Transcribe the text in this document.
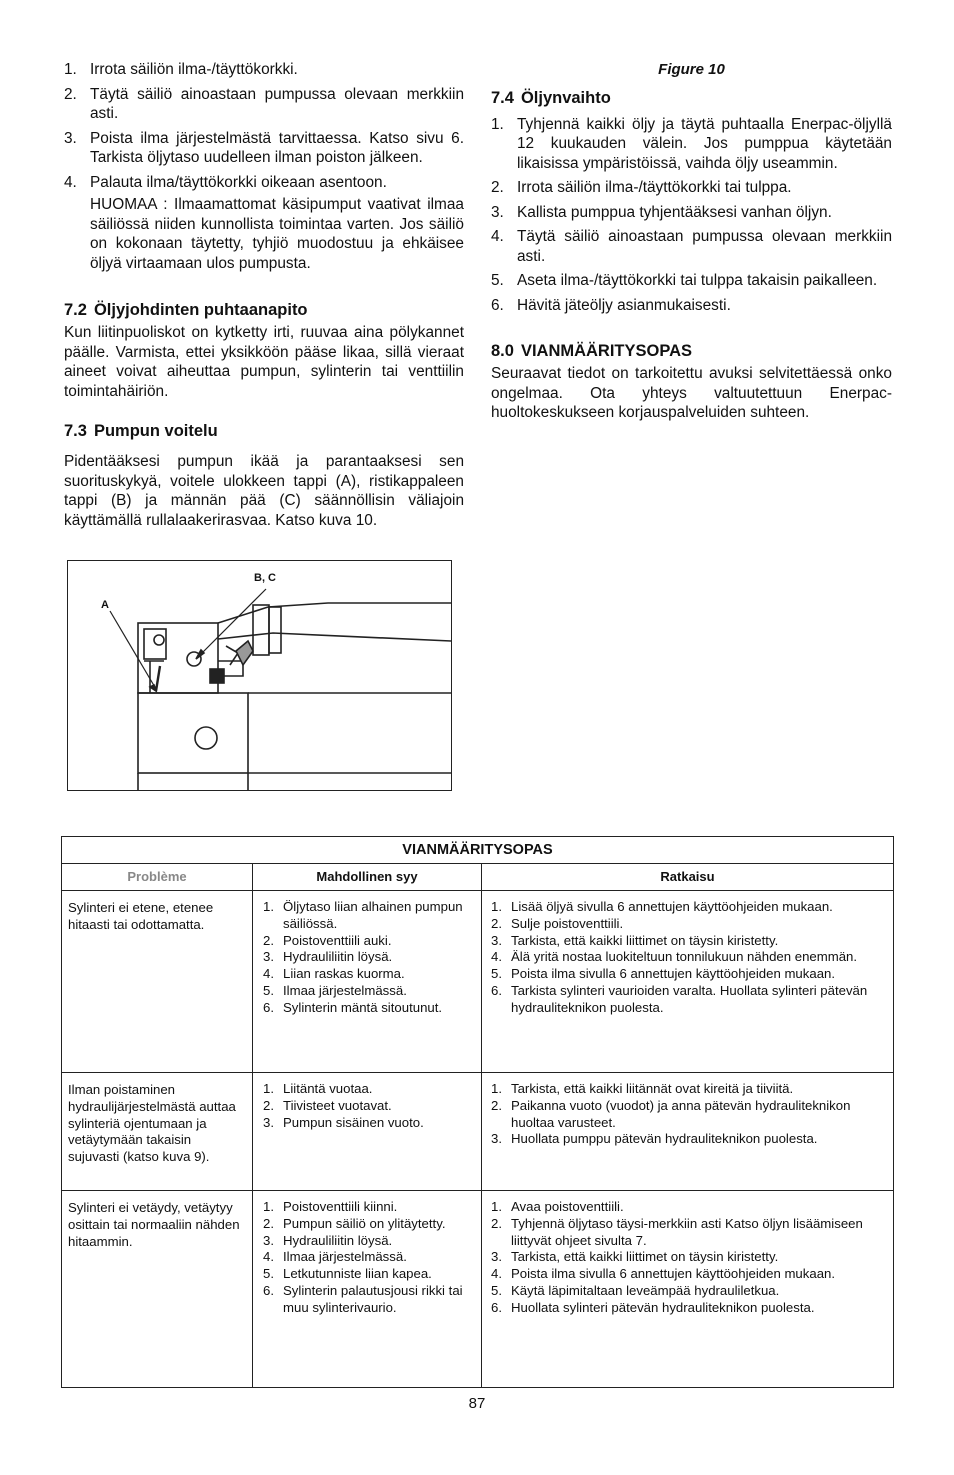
1. Irrota säiliön ilma-/täyttökorkki.
2. Täytä säiliö ainoastaan pumpussa olevaan merkkiin asti.
3. Poista ilma järjestelmästä tarvittaessa. Katso sivu 6. Tarkista öljytaso uudelleen ilman poiston jälkeen.
4. Palauta ilma/täyttökorkki oikeaan asentoon.

HUOMAA : Ilmaamattomat käsipumput vaativat ilmaa säiliössä niiden kunnollista toimintaa varten. Jos säiliö on kokonaan täytetty, tyhjiö muodostuu ja ehkäisee öljyä virtaamaan ulos pumpusta.

7.2 Öljyjohdinten puhtaanapito

Kun liitinpuoliskot on kytketty irti, ruuvaa aina pölykannet päälle. Varmista, ettei yksikköön pääse likaa, sillä vieraat aineet voivat aiheuttaa pumpun, sylinterin tai venttiilin toimintahäiriön.

7.3 Pumpun voitelu

Pidentääksesi pumpun ikää ja parantaaksesi sen suorituskykyä, voitele ulokkeen tappi (A), ristikappaleen tappi (B) ja männän pää (C) säännöllisin väliajoin käyttämällä rullalaakerirasvaa. Katso kuva 10.

A
B, C

Figure 10

7.4 Öljynvaihto
1. Tyhjennä kaikki öljy ja täytä puhtaalla Enerpac-öljyllä 12 kuukauden välein. Jos pumppua käytetään likaisissa ympäristöissä, vaihda öljy useammin.
2. Irrota säiliön ilma-/täyttökorkki tai tulppa.
3. Kallista pumppua tyhjentääksesi vanhan öljyn.
4. Täytä säiliö ainoastaan pumpussa olevaan merkkiin asti.
5. Aseta ilma-/täyttökorkki tai tulppa takaisin paikalleen.
6. Hävitä jäteöljy asianmukaisesti.
8.0 VIANMÄÄRITYSOPAS

Seuraavat tiedot on tarkoitettu avuksi selvitettäessä onko ongelmaa. Ota yhteys valtuutettuun Enerpac-huoltokeskukseen korjauspalveluiden suhteen.

VIANMÄÄRITYSOPAS
Problème	Mahdollinen syy	Ratkaisu
Sylinteri ei etene, etenee hitaasti tai odottamatta.
1. Öljytaso liian alhainen pumpun säiliössä.
2. Poistoventtiili auki.
3. Hydrauliliitin löysä.
4. Liian raskas kuorma.
5. Ilmaa järjestelmässä.
6. Sylinterin mäntä sitoutunut.
1. Lisää öljyä sivulla 6 annettujen käyttöohjeiden mukaan.
2. Sulje poistoventtiili.
3. Tarkista, että kaikki liittimet on täysin kiristetty.
4. Älä yritä nostaa luokiteltuun tonnilukuun nähden enemmän.
5. Poista ilma sivulla 6 annettujen käyttöohjeiden mukaan.
6. Tarkista sylinteri vaurioiden varalta. Huollata sylinteri pätevän hydrauliteknikon puolesta.
Ilman poistaminen hydraulijärjestelmästä auttaa sylinteriä ojentumaan ja vetäytymään takaisin sujuvasti (katso kuva 9).
1. Liitäntä vuotaa.
2. Tiivisteet vuotavat.
3. Pumpun sisäinen vuoto.
1. Tarkista, että kaikki liitännät ovat kireitä ja tiiviitä.
2. Paikanna vuoto (vuodot) ja anna pätevän hydrauliteknikon huoltaa varusteet.
3. Huollata pumppu pätevän hydrauliteknikon puolesta.
Sylinteri ei vetäydy, vetäytyy osittain tai normaaliin nähden hitaammin.
1. Poistoventtiili kiinni.
2. Pumpun säiliö on ylitäytetty.
3. Hydrauliliitin löysä.
4. Ilmaa järjestelmässä.
5. Letkutunniste liian kapea.
6. Sylinterin palautusjousi rikki tai muu sylinterivaurio.
1. Avaa poistoventtiili.
2. Tyhjennä öljytaso täysi-merkkiin asti Katso öljyn lisäämiseen liittyvät ohjeet sivulta 7.
3. Tarkista, että kaikki liittimet on täysin kiristetty.
4. Poista ilma sivulla 6 annettujen käyttöohjeiden mukaan.
5. Käytä läpimitaltaan leveämpää hydrauliletkua.
6. Huollata sylinteri pätevän hydrauliteknikon puolesta.
87
